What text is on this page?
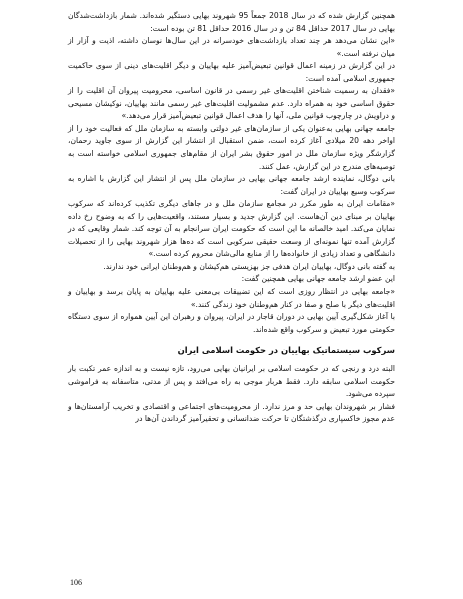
همچنین گزارش شده که در سال 2018 جمعاً 95 شهروند بهایی دستگیر شده‌اند. شمار بازداشت‌شدگان بهایی در سال 2017 حداقل 84 تن و در سال 2016 حداقل 81 تن بوده است:

«این نشان می‌دهد هر چند تعداد بازداشت‌های خودسرانه در این سال‌ها نوسان داشته، اذیت و آزار از میان نرفته است.»

در این گزارش در زمینه اعمال قوانین تبعیض‌آمیز علیه بهاییان و دیگر اقلیت‌های دینی از سوی حاکمیت جمهوری اسلامی آمده است:

«فقدان به رسمیت شناختن اقلیت‌های غیر رسمی در قانون اساسی، محرومیت پیروان آن اقلیت را از حقوق اساسی خود به همراه دارد. عدم مشمولیت اقلیت‌های غیر رسمی مانند بهاییان، نوکیشان مسیحی و دراویش در چارچوب قوانین ملی، آنها را هدف اعمال قوانین تبعیض‌آمیز قرار می‌دهد.»

جامعه جهانی بهایی به‌عنوان یکی از سازمان‌های غیر دولتی وابسته به سازمان ملل که فعالیت خود را از اواخر دهه 20 میلادی آغاز کرده است، ضمن استقبال از انتشار این گزارش از سوی جاوید رحمان، گزارشگر ویژه سازمان ملل در امور حقوق بشر ایران از مقام‌های جمهوری اسلامی خواسته است به توصیه‌های مندرج در این گزارش، عمل کنند.

بانی دوگال، نماینده ارشد جامعه جهانی بهایی در سازمان ملل پس از انتشار این گزارش با اشاره به سرکوب وسیع بهاییان در ایران گفت:

«مقامات ایران به طور مکرر در مجامع سازمان ملل و در جاهای دیگری تکذیب کرده‌اند که سرکوب بهاییان بر مبنای دین آن‌هاست. این گزارش جدید و بسیار مستند، واقعیت‌هایی را که به وضوح رخ داده نمایان می‌کند. امید خالصانه ما این است که حکومت ایران سرانجام به آن توجه کند. شمار وقایعی که در گزارش آمده تنها نمونه‌ای از وسعت حقیقی سرکوبی است که ده‌ها هزار شهروند بهایی را از تحصیلات دانشگاهی و تعداد زیادی از خانواده‌ها را از منابع مالی‌شان محروم کرده است.»

به گفته بانی دوگال، بهاییان ایران هدفی جز بهزیستی هم‌کیشان و هم‌وطنان ایرانی خود ندارند.

این عضو ارشد جامعه جهانی بهایی همچنین گفت:

«جامعه بهایی در انتظار روزی است که این تضییقات بی‌معنی علیه بهاییان به پایان برسد و بهاییان و اقلیت‌های دیگر با صلح و صفا در کنار هم‌وطنان خود زندگی کنند.»

با آغاز شکل‌گیری آیین بهایی در دوران قاجار در ایران، پیروان و رهبران این آیین همواره از سوی دستگاه حکومتی مورد تبعیض و سرکوب واقع شده‌اند.

سرکوب سیستماتیک بهاییان در حکومت اسلامی ایران

البته درد و رنجی که در حکومت اسلامی بر ایرانیان بهایی می‌رود، تازه نیست و به اندازه عمر تکبت بار حکومت اسلامی سابقه دارد. فقط هربار موجی به راه می‌افتد و پس از مدتی، متاسفانه به فراموشی سپرده می‌شود.

فشار بر شهروندان بهایی حد و مرز ندارد. از محرومیت‌های اجتماعی و اقتصادی و تخریب آرامستان‌ها و عدم مجوز خاکسپاری درگذشتگان تا حرکت ضدانسانی و تحقیرآمیز گرداندن آن‌ها در

106
